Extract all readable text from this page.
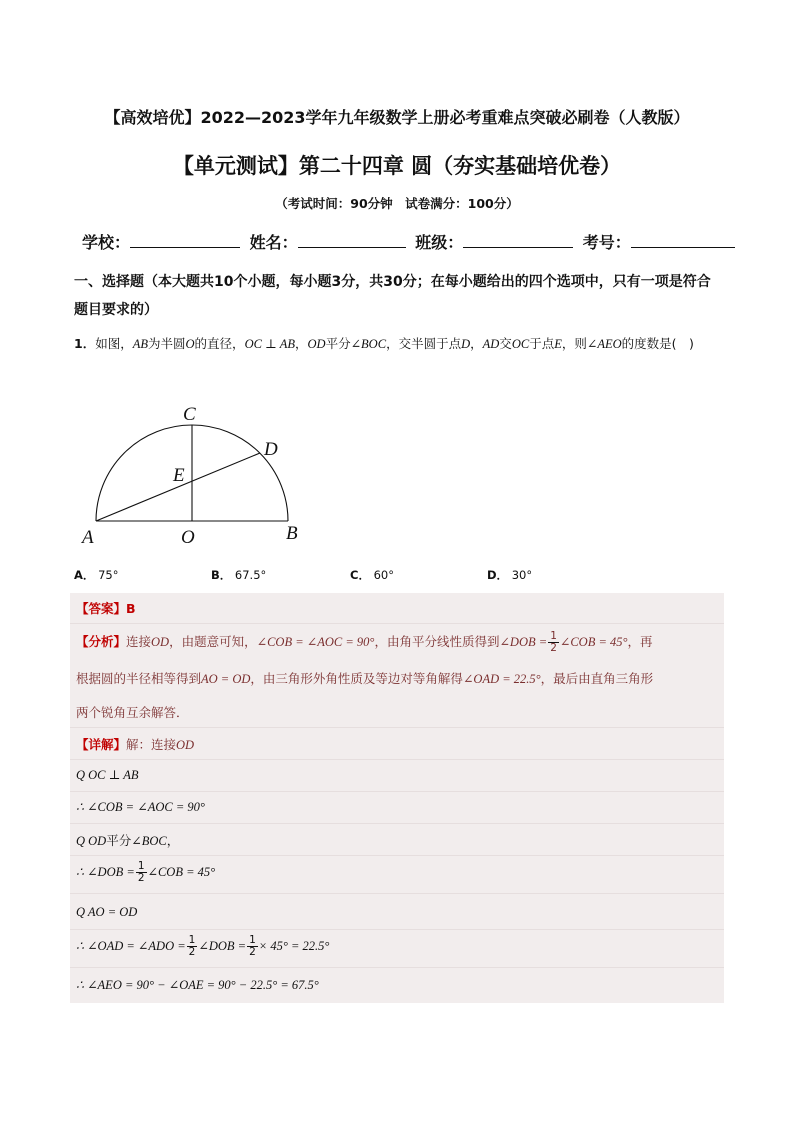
【高效培优】2022—2023学年九年级数学上册必考重难点突破必刷卷（人教版）
【单元测试】第二十四章 圆（夯实基础培优卷）
（考试时间：90分钟　试卷满分：100分）
学校：	姓名：	班级：	考号：
一、选择题（本大题共10个小题，每小题3分，共30分；在每小题给出的四个选项中，只有一项是符合题目要求的）
1．如图，AB为半圆O的直径，OC ⊥ AB，OD平分∠BOC，交半圆于点D，AD交OC于点E，则∠AEO的度数是(　)
A	O	B
C
D
E
A． 75°	B． 67.5°	C． 60°	D． 30°
【答案】B
【分析】连接OD，由题意可知，∠COB = ∠AOC = 90°，由角平分线性质得到∠DOB = $\frac{1}{2}$ ∠COB = 45°，再
根据圆的半径相等得到AO = OD，由三角形外角性质及等边对等角解得∠OAD = 22.5°，最后由直角三角形
两个锐角互余解答．
【详解】解：连接OD
Q OC ⊥ AB
∴ ∠COB = ∠AOC = 90°
Q OD平分∠BOC，
∴ ∠DOB = $\frac{1}{2}$ ∠COB = 45°
Q AO = OD
∴ ∠OAD = ∠ADO = $\frac{1}{2}$ ∠DOB = $\frac{1}{2} \times 45^\circ = 22.5^\circ$
∴ ∠AEO = 90° − ∠OAE = 90° − 22.5° = 67.5°
